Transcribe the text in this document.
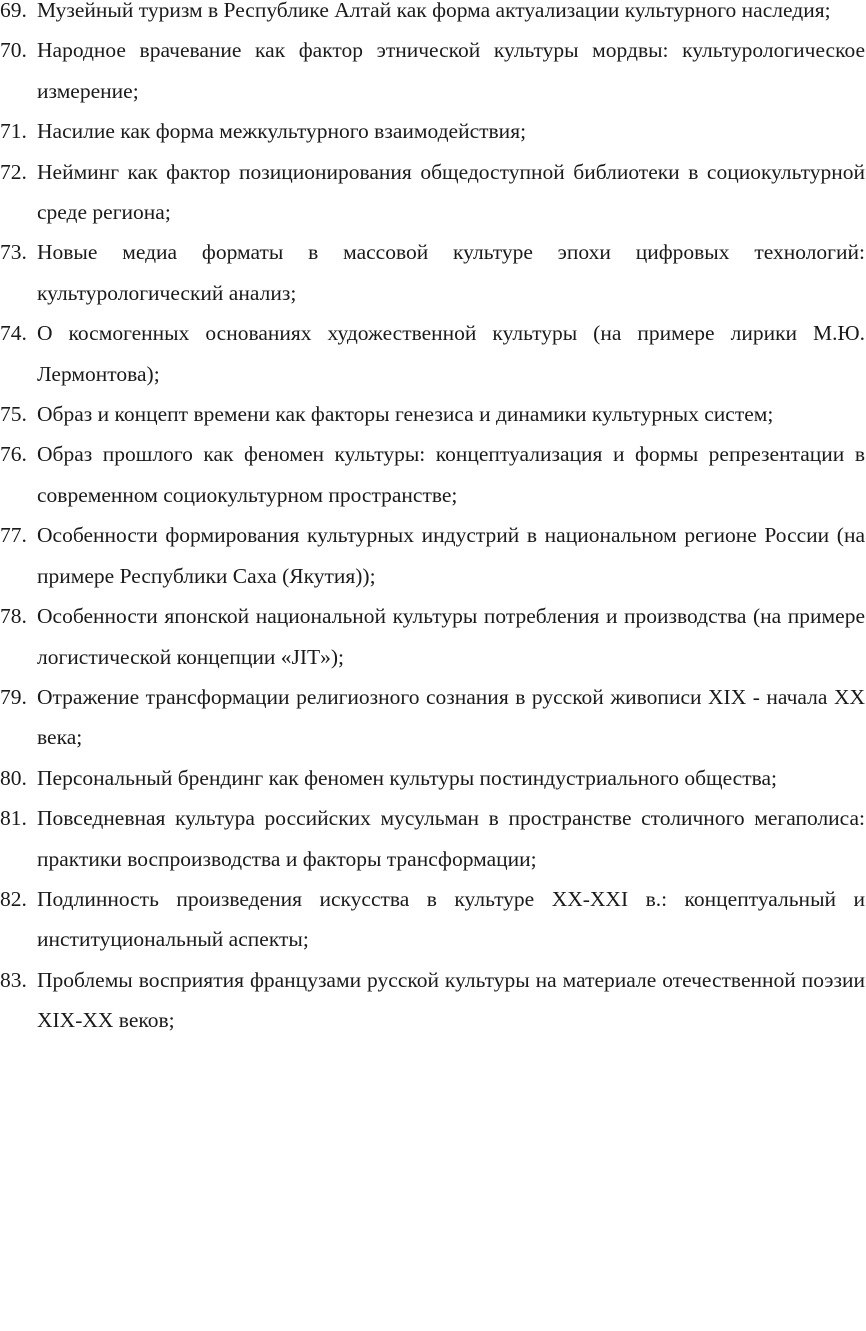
69. Музейный туризм в Республике Алтай как форма актуализации культурного наследия;
70. Народное врачевание как фактор этнической культуры мордвы: культурологическое измерение;
71. Насилие как форма межкультурного взаимодействия;
72. Нейминг как фактор позиционирования общедоступной библиотеки в социокультурной среде региона;
73. Новые медиа форматы в массовой культуре эпохи цифровых технологий: культурологический анализ;
74. О космогенных основаниях художественной культуры (на примере лирики М.Ю. Лермонтова);
75. Образ и концепт времени как факторы генезиса и динамики культурных систем;
76. Образ прошлого как феномен культуры: концептуализация и формы репрезентации в современном социокультурном пространстве;
77. Особенности формирования культурных индустрий в национальном регионе России (на примере Республики Саха (Якутия));
78. Особенности японской национальной культуры потребления и производства (на примере логистической концепции «JIT»);
79. Отражение трансформации религиозного сознания в русской живописи XIX - начала XX века;
80. Персональный брендинг как феномен культуры постиндустриального общества;
81. Повседневная культура российских мусульман в пространстве столичного мегаполиса: практики воспроизводства и факторы трансформации;
82. Подлинность произведения искусства в культуре XX-XXI в.: концептуальный и институциональный аспекты;
83. Проблемы восприятия французами русской культуры на материале отечественной поэзии XIX-XX веков;
